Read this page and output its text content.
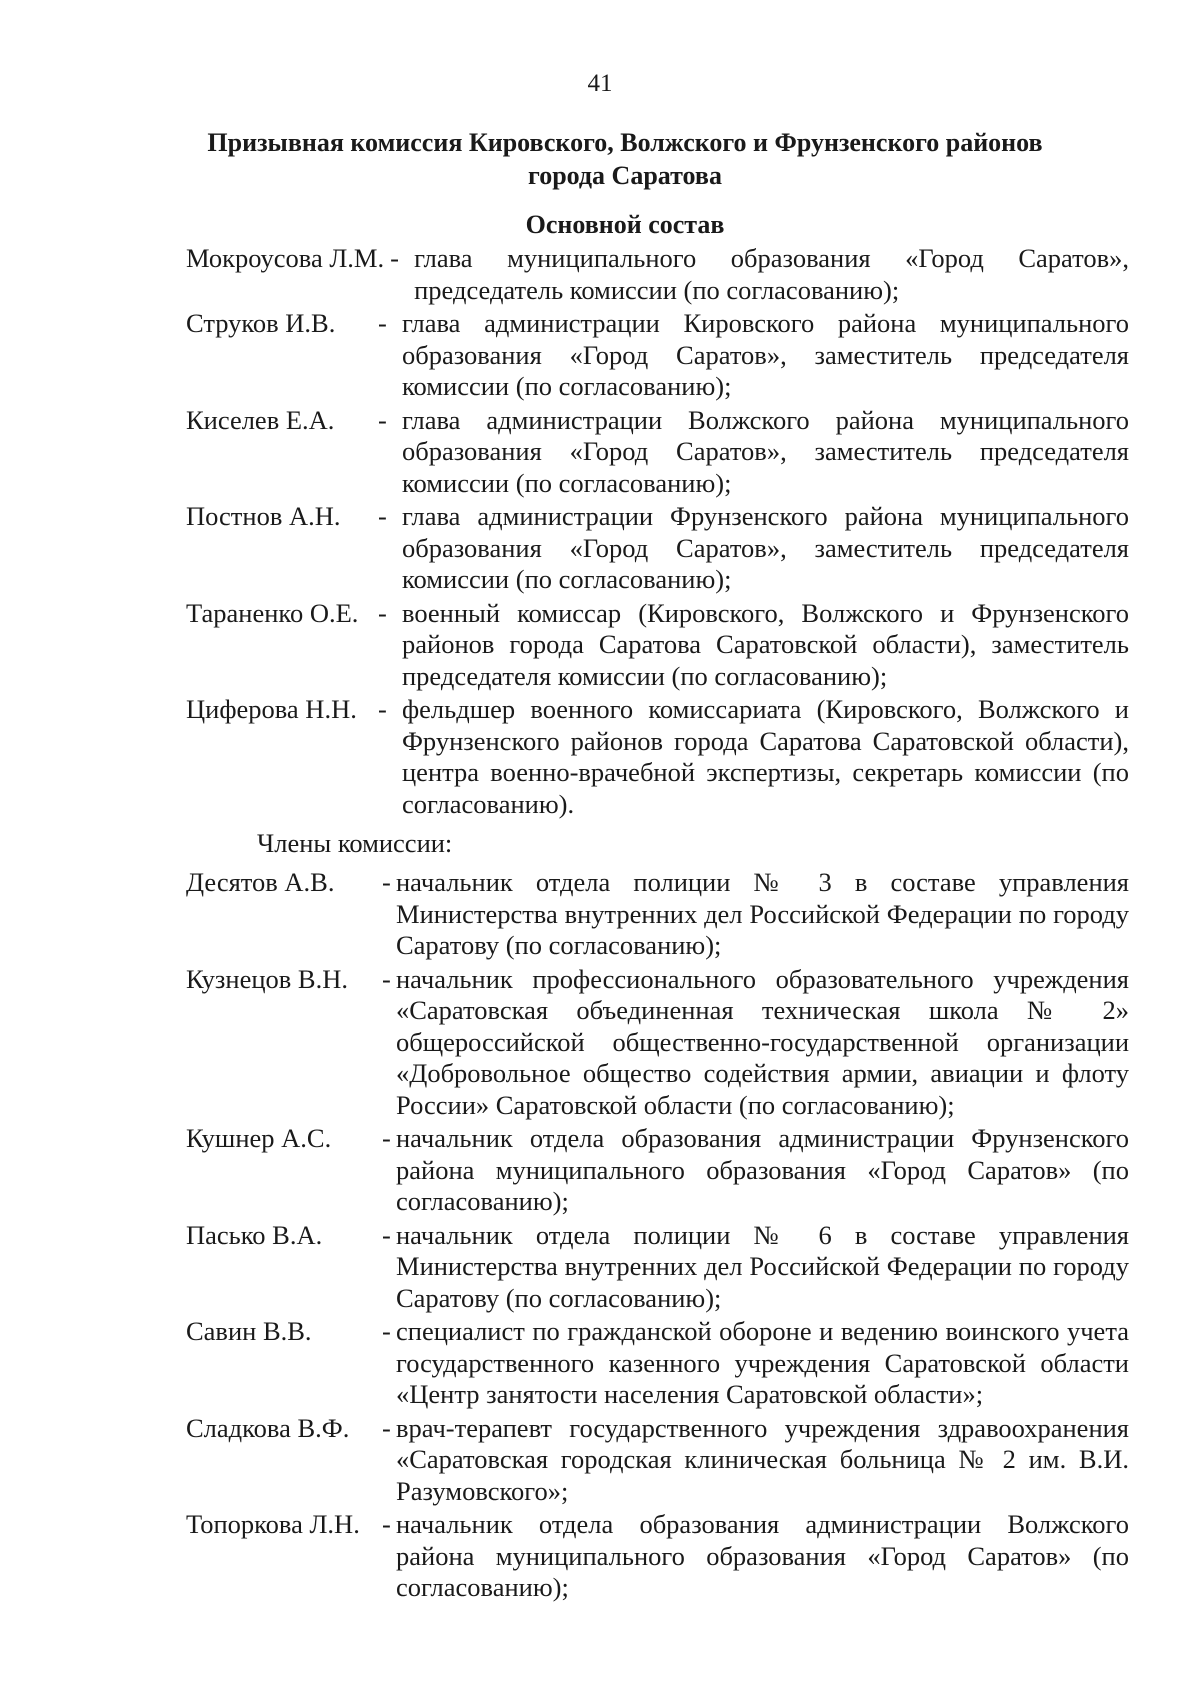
41
Призывная комиссия Кировского, Волжского и Фрунзенского районов
города Саратова
Основной состав
Мокроусова Л.М. - глава муниципального образования «Город Саратов», председатель комиссии (по согласованию);
Струков И.В.	- глава администрации Кировского района муниципального образования «Город Саратов», заместитель председателя комиссии (по согласованию);
Киселев Е.А.	- глава администрации Волжского района муниципального образования «Город Саратов», заместитель председателя комиссии (по согласованию);
Постнов А.Н.	- глава администрации Фрунзенского района муниципального образования «Город Саратов», заместитель председателя комиссии (по согласованию);
Тараненко О.Е. - военный комиссар (Кировского, Волжского и Фрунзенского районов города Саратова Саратовской области), заместитель председателя комиссии (по согласованию);
Циферова Н.Н. - фельдшер военного комиссариата (Кировского, Волжского и Фрунзенского районов города Саратова Саратовской области), центра военно-врачебной экспертизы, секретарь комиссии (по согласованию).
Члены комиссии:
Десятов А.В.	- начальник отдела полиции № 3 в составе управления Министерства внутренних дел Российской Федерации по городу Саратову (по согласованию);
Кузнецов В.Н.	- начальник профессионального образовательного учреждения «Саратовская объединенная техническая школа № 2» общероссийской общественно-государственной организации «Добровольное общество содействия армии, авиации и флоту России» Саратовской области (по согласованию);
Кушнер А.С.	- начальник отдела образования администрации Фрунзенского района муниципального образования «Город Саратов» (по согласованию);
Пасько В.А.	- начальник отдела полиции № 6 в составе управления Министерства внутренних дел Российской Федерации по городу Саратову (по согласованию);
Савин В.В.	- специалист по гражданской обороне и ведению воинского учета государственного казенного учреждения Саратовской области «Центр занятости населения Саратовской области»;
Сладкова В.Ф.	- врач-терапевт государственного учреждения здравоохранения «Саратовская городская клиническая больница № 2 им. В.И. Разумовского»;
Топоркова Л.Н. - начальник отдела образования администрации Волжского района муниципального образования «Город Саратов» (по согласованию);
